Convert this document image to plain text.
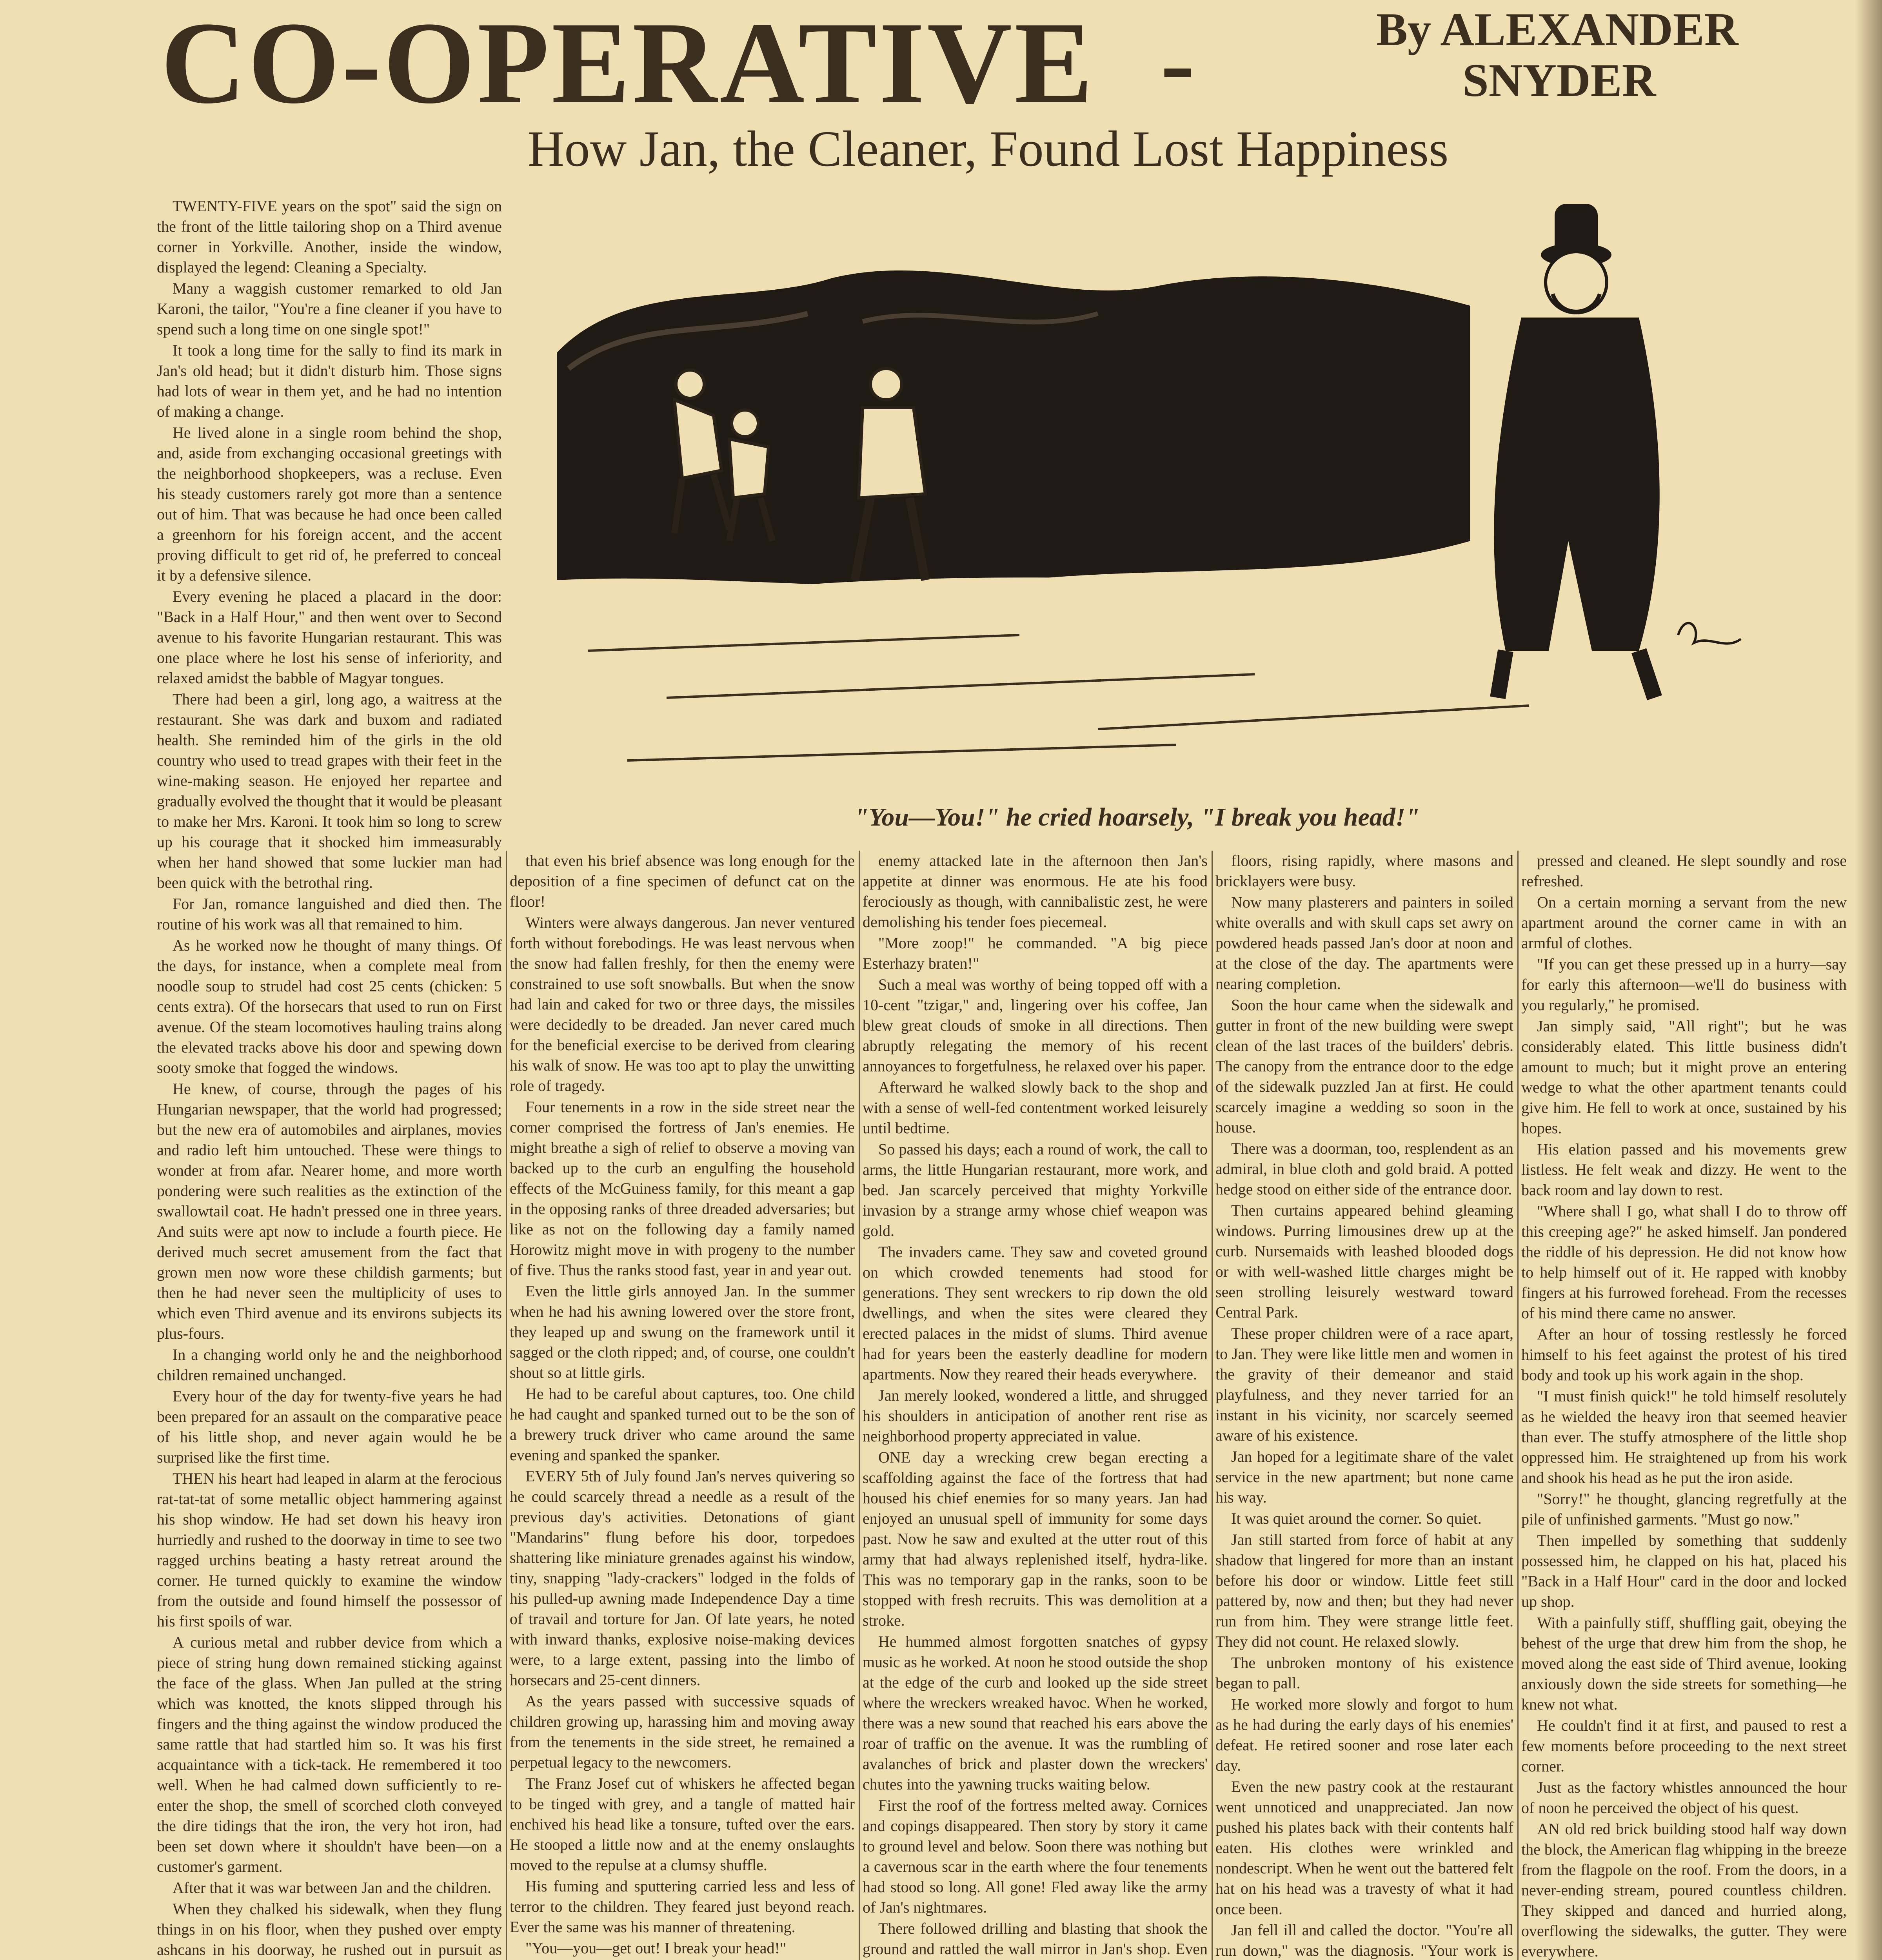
CO-OPERATIVE -	By ALEXANDER
SNYDER
How Jan, the Cleaner, Found Lost Happiness
"You—You!" he cried hoarsely, "I break you head!"

TWENTY-FIVE years on the spot" said the sign on the front of the little tailoring shop on a Third avenue corner in Yorkville. Another, inside the window, displayed the legend: Cleaning a Specialty.

Many a waggish customer remarked to old Jan Karoni, the tailor, "You're a fine cleaner if you have to spend such a long time on one single spot!"

It took a long time for the sally to find its mark in Jan's old head; but it didn't disturb him. Those signs had lots of wear in them yet, and he had no intention of making a change.

He lived alone in a single room behind the shop, and, aside from exchanging occasional greetings with the neighborhood shopkeepers, was a recluse. Even his steady customers rarely got more than a sentence out of him. That was because he had once been called a greenhorn for his foreign accent, and the accent proving difficult to get rid of, he preferred to conceal it by a defensive silence.

Every evening he placed a placard in the door: "Back in a Half Hour," and then went over to Second avenue to his favorite Hungarian restaurant. This was one place where he lost his sense of inferiority, and relaxed amidst the babble of Magyar tongues.

There had been a girl, long ago, a waitress at the restaurant. She was dark and buxom and radiated health. She reminded him of the girls in the old country who used to tread grapes with their feet in the wine-making season. He enjoyed her repartee and gradually evolved the thought that it would be pleasant to make her Mrs. Karoni. It took him so long to screw up his courage that it shocked him immeasurably when her hand showed that some luckier man had been quick with the betrothal ring.

For Jan, romance languished and died then. The routine of his work was all that remained to him.

As he worked now he thought of many things. Of the days, for instance, when a complete meal from noodle soup to strudel had cost 25 cents (chicken: 5 cents extra). Of the horsecars that used to run on First avenue. Of the steam locomotives hauling trains along the elevated tracks above his door and spewing down sooty smoke that fogged the windows.

He knew, of course, through the pages of his Hungarian newspaper, that the world had progressed; but the new era of automobiles and airplanes, movies and radio left him untouched. These were things to wonder at from afar. Nearer home, and more worth pondering were such realities as the extinction of the swallowtail coat. He hadn't pressed one in three years. And suits were apt now to include a fourth piece. He derived much secret amusement from the fact that grown men now wore these childish garments; but then he had never seen the multiplicity of uses to which even Third avenue and its environs subjects its plus-fours.

In a changing world only he and the neighborhood children remained unchanged.

Every hour of the day for twenty-five years he had been prepared for an assault on the comparative peace of his little shop, and never again would he be surprised like the first time.

THEN his heart had leaped in alarm at the ferocious rat-tat-tat of some metallic object hammering against his shop window. He had set down his heavy iron hurriedly and rushed to the doorway in time to see two ragged urchins beating a hasty retreat around the corner. He turned quickly to examine the window from the outside and found himself the possessor of his first spoils of war.

A curious metal and rubber device from which a piece of string hung down remained sticking against the face of the glass. When Jan pulled at the string which was knotted, the knots slipped through his fingers and the thing against the window produced the same rattle that had startled him so. It was his first acquaintance with a tick-tack. He remembered it too well. When he had calmed down sufficiently to re-enter the shop, the smell of scorched cloth conveyed the dire tidings that the iron, the very hot iron, had been set down where it shouldn't have been—on a customer's garment.

After that it was war between Jan and the children.

When they chalked his sidewalk, when they flung things in on his floor, when they pushed over empty ashcans in his doorway, he rushed out in pursuit as

that even his brief absence was long enough for the deposition of a fine specimen of defunct cat on the floor!

Winters were always dangerous. Jan never ventured forth without forebodings. He was least nervous when the snow had fallen freshly, for then the enemy were constrained to use soft snowballs. But when the snow had lain and caked for two or three days, the missiles were decidedly to be dreaded. Jan never cared much for the beneficial exercise to be derived from clearing his walk of snow. He was too apt to play the unwitting role of tragedy.

Four tenements in a row in the side street near the corner comprised the fortress of Jan's enemies. He might breathe a sigh of relief to observe a moving van backed up to the curb an engulfing the household effects of the McGuiness family, for this meant a gap in the opposing ranks of three dreaded adversaries; but like as not on the following day a family named Horowitz might move in with progeny to the number of five. Thus the ranks stood fast, year in and year out.

Even the little girls annoyed Jan. In the summer when he had his awning lowered over the store front, they leaped up and swung on the framework until it sagged or the cloth ripped; and, of course, one couldn't shout so at little girls.

He had to be careful about captures, too. One child he had caught and spanked turned out to be the son of a brewery truck driver who came around the same evening and spanked the spanker.

EVERY 5th of July found Jan's nerves quivering so he could scarcely thread a needle as a result of the previous day's activities. Detonations of giant "Mandarins" flung before his door, torpedoes shattering like miniature grenades against his window, tiny, snapping "lady-crackers" lodged in the folds of his pulled-up awning made Independence Day a time of travail and torture for Jan. Of late years, he noted with inward thanks, explosive noise-making devices were, to a large extent, passing into the limbo of horsecars and 25-cent dinners.

As the years passed with successive squads of children growing up, harassing him and moving away from the tenements in the side street, he remained a perpetual legacy to the newcomers.

The Franz Josef cut of whiskers he affected began to be tinged with grey, and a tangle of matted hair enchived his head like a tonsure, tufted over the ears. He stooped a little now and at the enemy onslaughts moved to the repulse at a clumsy shuffle.

His fuming and sputtering carried less and less of terror to the children. They feared just beyond reach. Ever the same was his manner of threatening.

"You—you—get out! I break your head!"

enemy attacked late in the afternoon then Jan's appetite at dinner was enormous. He ate his food ferociously as though, with cannibalistic zest, he were demolishing his tender foes piecemeal.

"More zoop!" he commanded. "A big piece Esterhazy braten!"

Such a meal was worthy of being topped off with a 10-cent "tzigar," and, lingering over his coffee, Jan blew great clouds of smoke in all directions. Then abruptly relegating the memory of his recent annoyances to forgetfulness, he relaxed over his paper.

Afterward he walked slowly back to the shop and with a sense of well-fed contentment worked leisurely until bedtime.

So passed his days; each a round of work, the call to arms, the little Hungarian restaurant, more work, and bed. Jan scarcely perceived that mighty Yorkville invasion by a strange army whose chief weapon was gold.

The invaders came. They saw and coveted ground on which crowded tenements had stood for generations. They sent wreckers to rip down the old dwellings, and when the sites were cleared they erected palaces in the midst of slums. Third avenue had for years been the easterly deadline for modern apartments. Now they reared their heads everywhere.

Jan merely looked, wondered a little, and shrugged his shoulders in anticipation of another rent rise as neighborhood property appreciated in value.

ONE day a wrecking crew began erecting a scaffolding against the face of the fortress that had housed his chief enemies for so many years. Jan had enjoyed an unusual spell of immunity for some days past. Now he saw and exulted at the utter rout of this army that had always replenished itself, hydra-like. This was no temporary gap in the ranks, soon to be stopped with fresh recruits. This was demolition at a stroke.

He hummed almost forgotten snatches of gypsy music as he worked. At noon he stood outside the shop at the edge of the curb and looked up the side street where the wreckers wreaked havoc. When he worked, there was a new sound that reached his ears above the roar of traffic on the avenue. It was the rumbling of avalanches of brick and plaster down the wreckers' chutes into the yawning trucks waiting below.

First the roof of the fortress melted away. Cornices and copings disappeared. Then story by story it came to ground level and below. Soon there was nothing but a cavernous scar in the earth where the four tenements had stood so long. All gone! Fled away like the army of Jan's nightmares.

There followed drilling and blasting that shook the ground and rattled the wall mirror in Jan's shop. Even

floors, rising rapidly, where masons and bricklayers were busy.

Now many plasterers and painters in soiled white overalls and with skull caps set awry on powdered heads passed Jan's door at noon and at the close of the day. The apartments were nearing completion.

Soon the hour came when the sidewalk and gutter in front of the new building were swept clean of the last traces of the builders' debris. The canopy from the entrance door to the edge of the sidewalk puzzled Jan at first. He could scarcely imagine a wedding so soon in the house.

There was a doorman, too, resplendent as an admiral, in blue cloth and gold braid. A potted hedge stood on either side of the entrance door.

Then curtains appeared behind gleaming windows. Purring limousines drew up at the curb. Nursemaids with leashed blooded dogs or with well-washed little charges might be seen strolling leisurely westward toward Central Park.

These proper children were of a race apart, to Jan. They were like little men and women in the gravity of their demeanor and staid playfulness, and they never tarried for an instant in his vicinity, nor scarcely seemed aware of his existence.

Jan hoped for a legitimate share of the valet service in the new apartment; but none came his way.

It was quiet around the corner. So quiet.

Jan still started from force of habit at any shadow that lingered for more than an instant before his door or window. Little feet still pattered by, now and then; but they had never run from him. They were strange little feet. They did not count. He relaxed slowly.

The unbroken montony of his existence began to pall.

He worked more slowly and forgot to hum as he had during the early days of his enemies' defeat. He retired sooner and rose later each day.

Even the new pastry cook at the restaurant went unnoticed and unappreciated. Jan now pushed his plates back with their contents half eaten. His clothes were wrinkled and nondescript. When he went out the battered felt hat on his head was a travesty of what it had once been.

Jan fell ill and called the doctor. "You're all run down," was the diagnosis. "Your work is

pressed and cleaned. He slept soundly and rose refreshed.

On a certain morning a servant from the new apartment around the corner came in with an armful of clothes.

"If you can get these pressed up in a hurry—say for early this afternoon—we'll do business with you regularly," he promised.

Jan simply said, "All right"; but he was considerably elated. This little business didn't amount to much; but it might prove an entering wedge to what the other apartment tenants could give him. He fell to work at once, sustained by his hopes.

His elation passed and his movements grew listless. He felt weak and dizzy. He went to the back room and lay down to rest.

"Where shall I go, what shall I do to throw off this creeping age?" he asked himself. Jan pondered the riddle of his depression. He did not know how to help himself out of it. He rapped with knobby fingers at his furrowed forehead. From the recesses of his mind there came no answer.

After an hour of tossing restlessly he forced himself to his feet against the protest of his tired body and took up his work again in the shop.

"I must finish quick!" he told himself resolutely as he wielded the heavy iron that seemed heavier than ever. The stuffy atmosphere of the little shop oppressed him. He straightened up from his work and shook his head as he put the iron aside.

"Sorry!" he thought, glancing regretfully at the pile of unfinished garments. "Must go now."

Then impelled by something that suddenly possessed him, he clapped on his hat, placed his "Back in a Half Hour" card in the door and locked up shop.

With a painfully stiff, shuffling gait, obeying the behest of the urge that drew him from the shop, he moved along the east side of Third avenue, looking anxiously down the side streets for something—he knew not what.

He couldn't find it at first, and paused to rest a few moments before proceeding to the next street corner.

Just as the factory whistles announced the hour of noon he perceived the object of his quest.

AN old red brick building stood half way down the block, the American flag whipping in the breeze from the flagpole on the roof. From the doors, in a never-ending stream, poured countless children. They skipped and danced and hurried along, overflowing the sidewalks, the gutter. They were everywhere.
